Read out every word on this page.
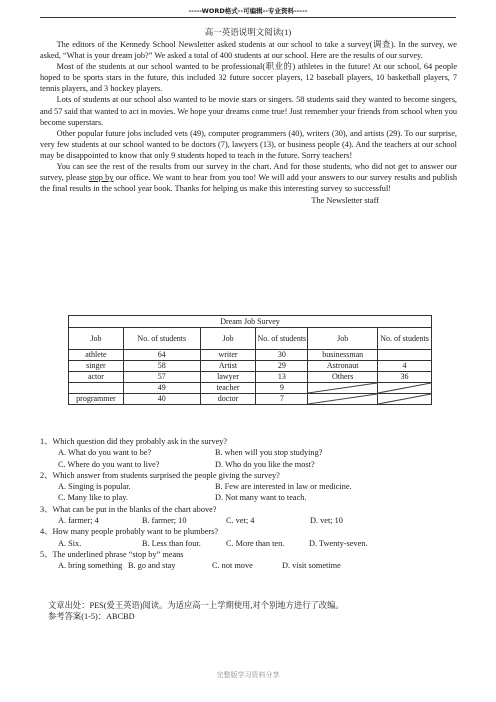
-----WORD格式--可编辑--专业资料-----
高一英语说明文阅读(1)

The editors of the Kennedy School Newsletter asked students at our school to take a survey(调查). In the survey, we asked, “What is your dream job?” We asked a total of 400 students at our school. Here are the results of our survey.

Most of the students at our school wanted to be professional(职业的) athletes in the future! At our school, 64 people hoped to be sports stars in the future, this included 32 future soccer players, 12 baseball players, 10 basketball players, 7 tennis players, and 3 hockey players.

Lots of students at our school also wanted to be movie stars or singers. 58 students said they wanted to become singers, and 57 said that wanted to act in movies. We hope your dreams come true! Just remember your friends from school when you become superstars.

Other popular future jobs included vets (49), computer programmers (40), writers (30), and artists (29). To our surprise, very few students at our school wanted to be doctors (7), lawyers (13), or business people (4). And the teachers at our school may be disappointed to know that only 9 students hoped to teach in the future. Sorry teachers!

You can see the rest of the results from our survey in the chart. And for those students, who did not get to answer our survey, please stop by our office. We want to hear from you too! We will add your answers to our survey results and publish the final results in the school year book. Thanks for helping us make this interesting survey so successful!

The Newsletter staff
Dream Job Survey					
Job	No. of students	Job	No. of students	Job	No. of students
athlete	64	writer	30	businessman	
singer	58	Artist	29	Astronaut	4
actor	57	lawyer	13	Others	36
	49	teacher	9	

programmer	40	doctor	7	

1、Which question did they probably ask in the survey?

A. What do you want to be?	B. when will you stop studying?

C. Where do you want to live?	D. Who do you like the most?

2、Which answer from students surprised the people giving the survey?

A. Singing is popular.	B. Few are interested in law or medicine.

C. Many like to play.	D. Not many want to teach.

3、What can be put in the blanks of the chart above?

A. farmer; 4	B. farmer; 10	C. vet; 4	D. vet; 10

4、How many people probably want to be plumbers?

A. Six.	B. Less than four.	C. More than ten.	D. Twenty-seven.

5、The underlined phrase “stop by” means

A. bring something B. go and stay	C. not move	D. visit sometime

文章出处：PES(爱王英语)阅读。为适应高一上学期使用,对个别地方进行了改编。
参考答案(1-5)：ABCBD
完整版学习资料分享
